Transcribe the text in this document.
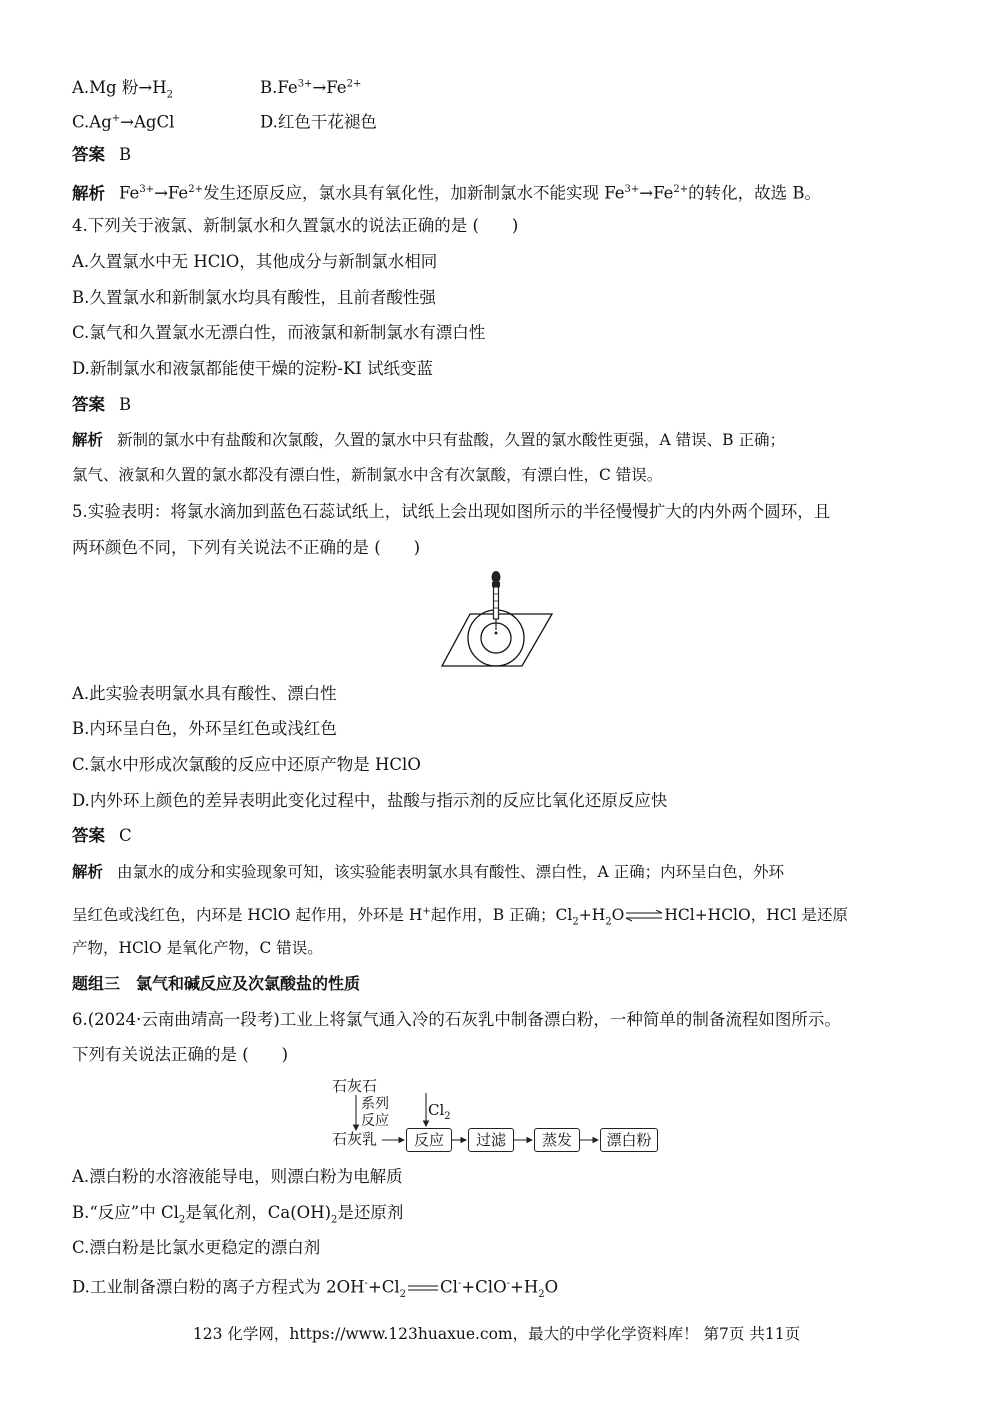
A.Mg 粉$\to H_2$	$B.Fe^{3+}\to Fe^{2+}$
C.Ag+→AgCl	D.红色干花褪色
答案 B
解析 $Fe^{3+}\to Fe^{2+}$发生还原反应，氯水具有氧化性，加新制氯水不能实现 $Fe^{3+}\to Fe^{2+}$的转化，故选 B。
4.下列关于液氯、新制氯水和久置氯水的说法正确的是 (　　)
A.久置氯水中无 HClO，其他成分与新制氯水相同
B.久置氯水和新制氯水均具有酸性，且前者酸性强
C.氯气和久置氯水无漂白性，而液氯和新制氯水有漂白性
D.新制氯水和液氯都能使干燥的淀粉-KI 试纸变蓝
答案 B
解析 新制的氯水中有盐酸和次氯酸，久置的氯水中只有盐酸，久置的氯水酸性更强，A 错误、B 正确；
氯气、液氯和久置的氯水都没有漂白性，新制氯水中含有次氯酸，有漂白性，C 错误。
5.实验表明：将氯水滴加到蓝色石蕊试纸上，试纸上会出现如图所示的半径慢慢扩大的内外两个圆环，且
两环颜色不同，下列有关说法不正确的是 (　　)
A.此实验表明氯水具有酸性、漂白性
B.内环呈白色，外环呈红色或浅红色
C.氯水中形成次氯酸的反应中还原产物是 HClO
D.内外环上颜色的差异表明此变化过程中，盐酸与指示剂的反应比氧化还原反应快
答案 C
解析 由氯水的成分和实验现象可知，该实验能表明氯水具有酸性、漂白性，A 正确；内环呈白色，外环
呈红色或浅红色，内环是 HClO 起作用，外环是 H+起作用，B 正确；$Cl_2+H_2O\rightleftharpoons HCl+HClO$，HCl 是还原
产物，HClO 是氧化产物，C 错误。
题组三　氯气和碱反应及次氯酸盐的性质
6.(2024·云南曲靖高一段考)工业上将氯气通入冷的石灰乳中制备漂白粉，一种简单的制备流程如图所示。
下列有关说法正确的是 (　　)
石灰石
系列
反应
石灰乳
$Cl_2$
反应	过滤	蒸发	漂白粉
A.漂白粉的水溶液能导电，则漂白粉为电解质
B.“反应”中 $Cl_2$是氧化剂，$Ca(OH)_2$是还原剂
C.漂白粉是比氯水更稳定的漂白剂
D.工业制备漂白粉的离子方程式为 $2OH^-+Cl_2$ $Cl^-+ClO^-+H_2O$
123 化学网，https://www.123huaxue.com，最大的中学化学资料库！ 第7页 共11页
